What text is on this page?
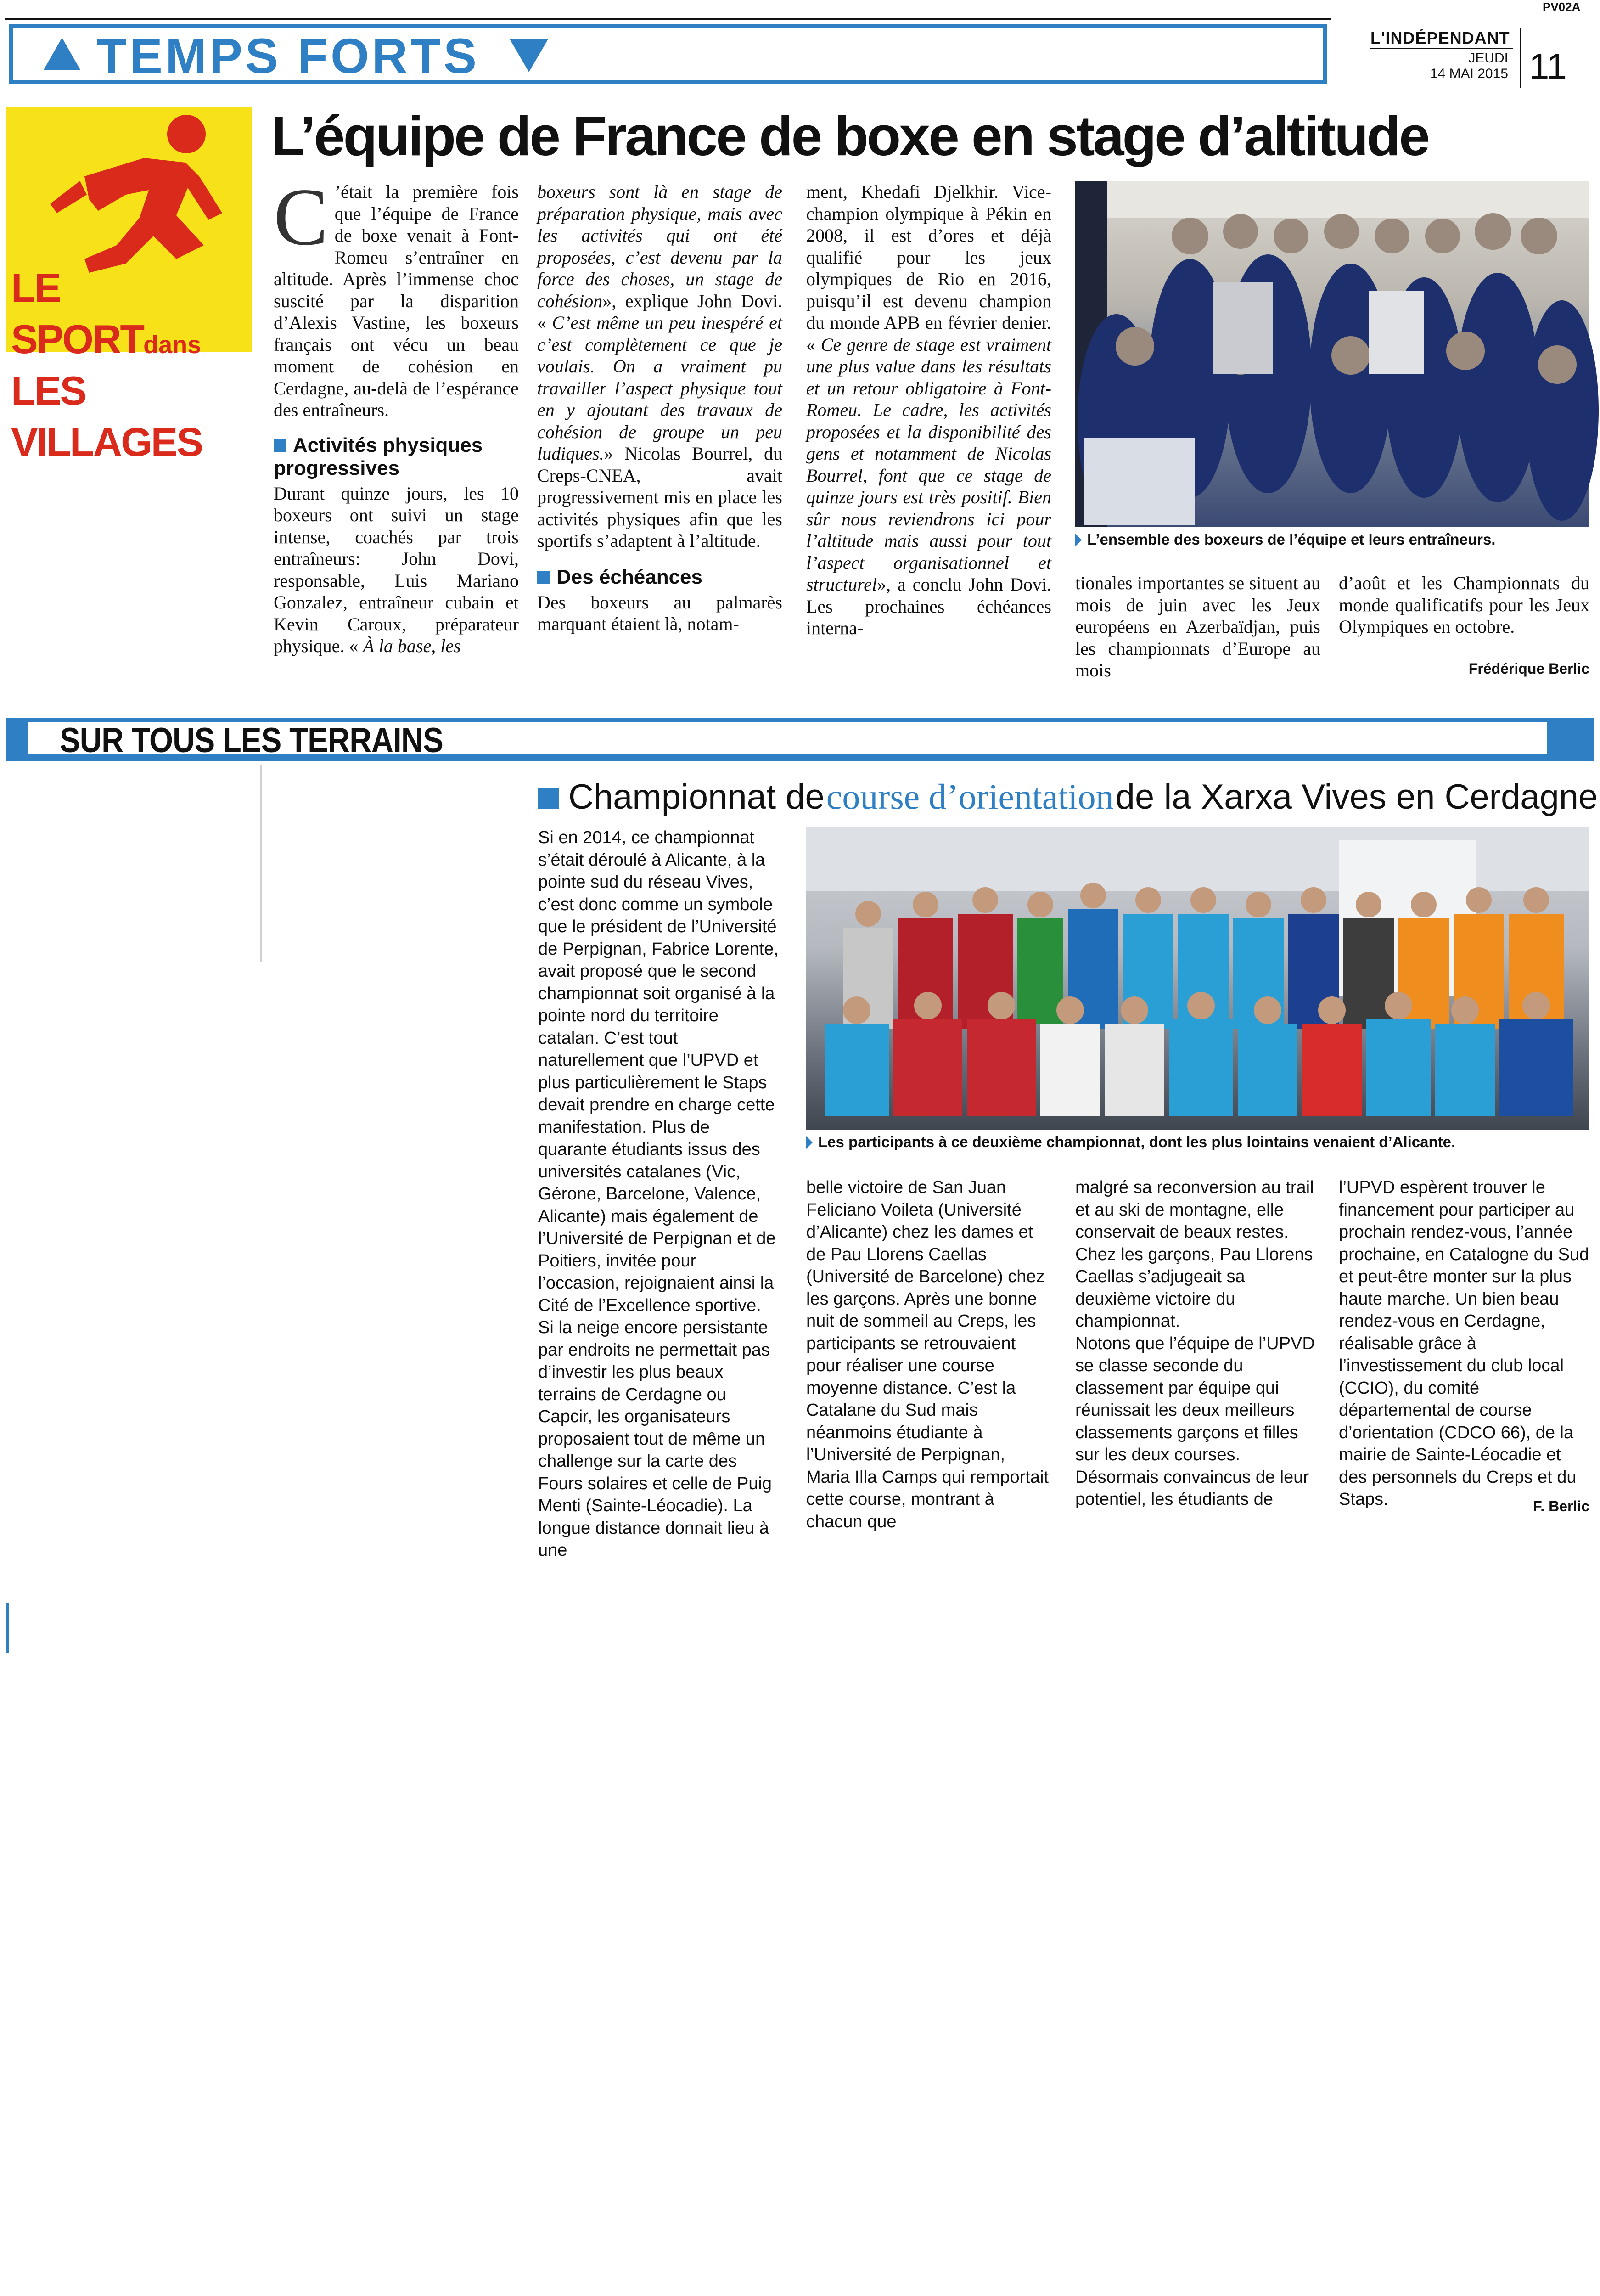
PV02A
TEMPS FORTS	L'INDÉPENDANT
JEUDI
14 MAI 2015 11
LE SPORTdans
LES VILLAGES
L’équipe de France de boxe en stage d’altitude
C ’était la première fois que l’équipe de France de boxe venait à Font-Romeu s’entraîner en altitude. Après l’immense choc suscité par la disparition d’Alexis Vastine, les boxeurs français ont vécu un beau moment de cohésion en Cerdagne, au-delà de l’espérance des entraîneurs.
Activités physiques progressives
Durant quinze jours, les 10 boxeurs ont suivi un stage intense, coachés par trois entraîneurs: John Dovi, responsable, Luis Mariano Gonzalez, entraîneur cubain et Kevin Caroux, préparateur physique. « À la base, les
boxeurs sont là en stage de préparation physique, mais avec les activités qui ont été proposées, c’est devenu par la force des choses, un stage de cohésion», explique John Dovi. « C’est même un peu inespéré et c’est complètement ce que je voulais. On a vraiment pu travailler l’aspect physique tout en y ajoutant des travaux de cohésion de groupe un peu ludiques.» Nicolas Bourrel, du Creps-CNEA, avait progressivement mis en place les activités physiques afin que les sportifs s’adaptent à l’altitude.
Des échéances
Des boxeurs au palmarès marquant étaient là, notam-
ment, Khedafi Djelkhir. Vice-champion olympique à Pékin en 2008, il est d’ores et déjà qualifié pour les jeux olympiques de Rio en 2016, puisqu’il est devenu champion du monde APB en février denier. « Ce genre de stage est vraiment une plus value dans les résultats et un retour obligatoire à Font-Romeu. Le cadre, les activités proposées et la disponibilité des gens et notamment de Nicolas Bourrel, font que ce stage de quinze jours est très positif. Bien sûr nous reviendrons ici pour l’altitude mais aussi pour tout l’aspect organisationnel et structurel», a conclu John Dovi. Les prochaines échéances interna-
L’ensemble des boxeurs de l’équipe et leurs entraîneurs.
tionales importantes se situent au mois de juin avec les Jeux européens en Azerbaïdjan, puis les championnats d’Europe au mois
d’août et les Championnats du monde qualificatifs pour les Jeux Olympiques en octobre.
Frédérique Berlic
SUR TOUS LES TERRAINS
Championnat de course d’orientation de la Xarxa Vives en Cerdagne
Si en 2014, ce championnat s’était déroulé à Alicante, à la pointe sud du réseau Vives, c’est donc comme un symbole que le président de l’Université de Perpignan, Fabrice Lorente, avait proposé que le second championnat soit organisé à la pointe nord du territoire catalan. C’est tout naturellement que l’UPVD et plus particulièrement le Staps devait prendre en charge cette manifestation. Plus de quarante étudiants issus des universités catalanes (Vic, Gérone, Barcelone, Valence, Alicante) mais également de l’Université de Perpignan et de Poitiers, invitée pour l’occasion, rejoignaient ainsi la Cité de l’Excellence sportive.
Si la neige encore persistante par endroits ne permettait pas d’investir les plus beaux terrains de Cerdagne ou Capcir, les organisateurs proposaient tout de même un challenge sur la carte des Fours solaires et celle de Puig Menti (Sainte-Léocadie). La longue distance donnait lieu à une
Les participants à ce deuxième championnat, dont les plus lointains venaient d’Alicante.
belle victoire de San Juan Feliciano Voileta (Université d’Alicante) chez les dames et de Pau Llorens Caellas (Université de Barcelone) chez les garçons. Après une bonne nuit de sommeil au Creps, les participants se retrouvaient pour réaliser une course moyenne distance. C’est la Catalane du Sud mais néanmoins étudiante à l’Université de Perpignan, Maria Illa Camps qui remportait cette course, montrant à chacun que
malgré sa reconversion au trail et au ski de montagne, elle conservait de beaux restes. Chez les garçons, Pau Llorens Caellas s’adjugeait sa deuxième victoire du championnat.
Notons que l’équipe de l’UPVD se classe seconde du classement par équipe qui réunissait les deux meilleurs classements garçons et filles sur les deux courses. Désormais convaincus de leur potentiel, les étudiants de
l’UPVD espèrent trouver le financement pour participer au prochain rendez-vous, l’année prochaine, en Catalogne du Sud et peut-être monter sur la plus haute marche. Un bien beau rendez-vous en Cerdagne, réalisable grâce à l’investissement du club local (CCIO), du comité départemental de course d’orientation (CDCO 66), de la mairie de Sainte-Léocadie et des personnels du Creps et du Staps.	F. Berlic
